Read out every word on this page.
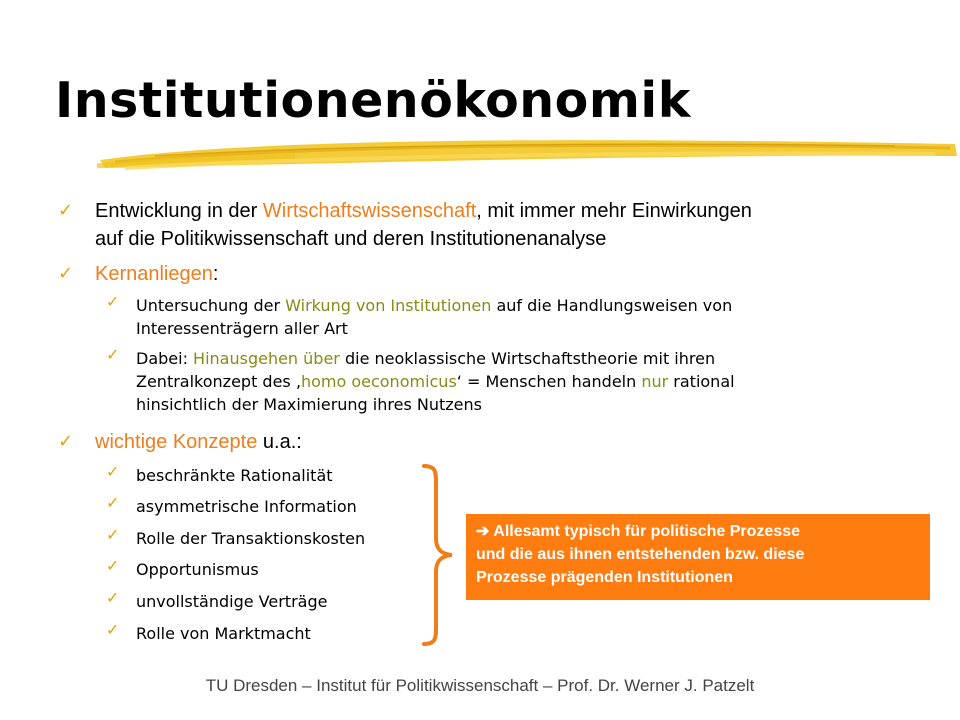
Institutionenökonomik
✓ Entwicklung in der Wirtschaftswissenschaft, mit immer mehr Einwirkungen
auf die Politikwissenschaft und deren Institutionenanalyse
✓ Kernanliegen:
✓ Untersuchung der Wirkung von Institutionen auf die Handlungsweisen von
Interessenträgern aller Art
✓ Dabei: Hinausgehen über die neoklassische Wirtschaftstheorie mit ihren
Zentralkonzept des ‚homo oeconomicus‘ = Menschen handeln nur rational
hinsichtlich der Maximierung ihres Nutzens
✓ wichtige Konzepte u.a.:
✓ beschränkte Rationalität
✓ asymmetrische Information
✓ Rolle der Transaktionskosten
✓ Opportunismus
✓ unvollständige Verträge
✓ Rolle von Marktmacht
➔ Allesamt typisch für politische Prozesse
und die aus ihnen entstehenden bzw. diese
Prozesse prägenden Institutionen
TU Dresden – Institut für Politikwissenschaft – Prof. Dr. Werner J. Patzelt
